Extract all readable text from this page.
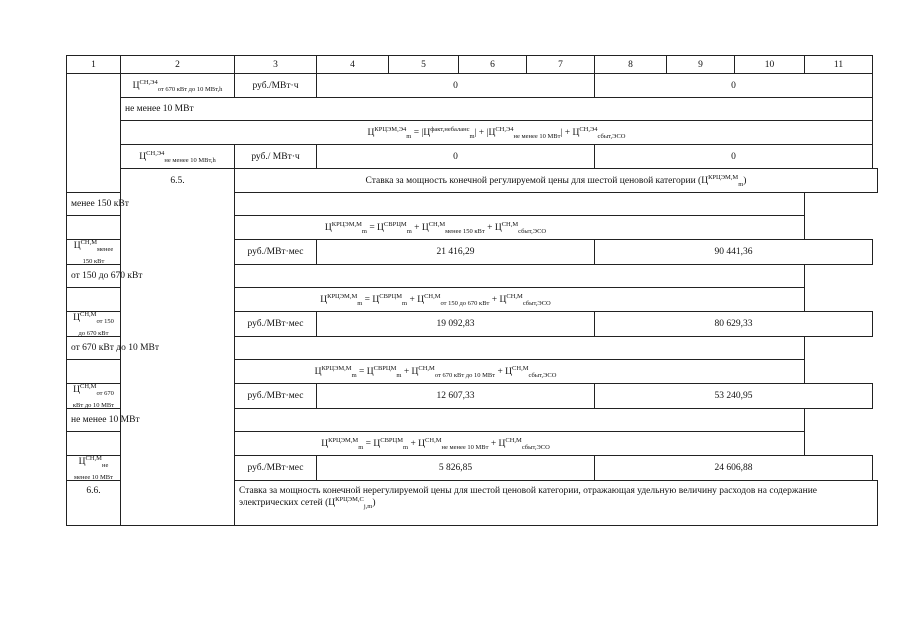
1	2	3	4	5	6	7	8	9	10	11
	$Ц^{СН,Э4}_{от 670 кВт до 10 МВт,h}$	руб./МВт·ч	0				0			
	не менее 10 МВт									
	$Ц^{КРЦЭМ,Э4}_m = |Ц^{факт,небаланс}_m| + |Ц^{СН,Э4}_{не менее 10 МВт}| + Ц^{СН,Э4}_{сбыт,ЭСО}$
	$Ц^{СН,Э4}_{не менее 10 МВт,h}$	руб./ МВт·ч	0				0			
	6.5.	Ставка за мощность конечной регулируемой цены для шестой ценовой категории $(Ц^{КРЦЭМ,М}_m)$								
менее 150 кВт										
$Ц^{КРЦЭМ,М}_m = Ц^{СВРЦМ}_m + Ц^{СН,М}_{менее 150 кВт} + Ц^{СН,М}_{сбыт,ЭСО}$
$Ц^{СН,М}_{менее 150 кВт}$		руб./МВт·мес	21 416,29				90 441,36			
от 150 до 670 кВт										
$Ц^{КРЦЭМ,М}_m = Ц^{СВРЦМ}_m + Ц^{СН,М}_{от 150 до 670 кВт} + Ц^{СН,М}_{сбыт,ЭСО}$
$Ц^{СН,М}_{от 150 до 670 кВт}$		руб./МВт·мес	19 092,83				80 629,33			
от 670 кВт до 10 МВт										
$Ц^{КРЦЭМ,М}_m = Ц^{СВРЦМ}_m + Ц^{СН,М}_{от 670 кВт до 10 МВт} + Ц^{СН,М}_{сбыт,ЭСО}$
$Ц^{СН,М}_{от 670 кВт до 10 МВт}$		руб./МВт·мес	12 607,33				53 240,95			
не менее 10 МВт										
$Ц^{КРЦЭМ,М}_m = Ц^{СВРЦМ}_m + Ц^{СН,М}_{не менее 10 МВт} + Ц^{СН,М}_{сбыт,ЭСО}$
$Ц^{СН,М}_{не менее 10 МВт}$		руб./МВт·мес	5 826,85				24 606,88			
6.6.		Ставка за мощность конечной нерегулируемой цены для шестой ценовой категории, отражающая удельную величину расходов на содержание электрических сетей $(Ц^{КРЦЭМ,С}_{j,m})$								
